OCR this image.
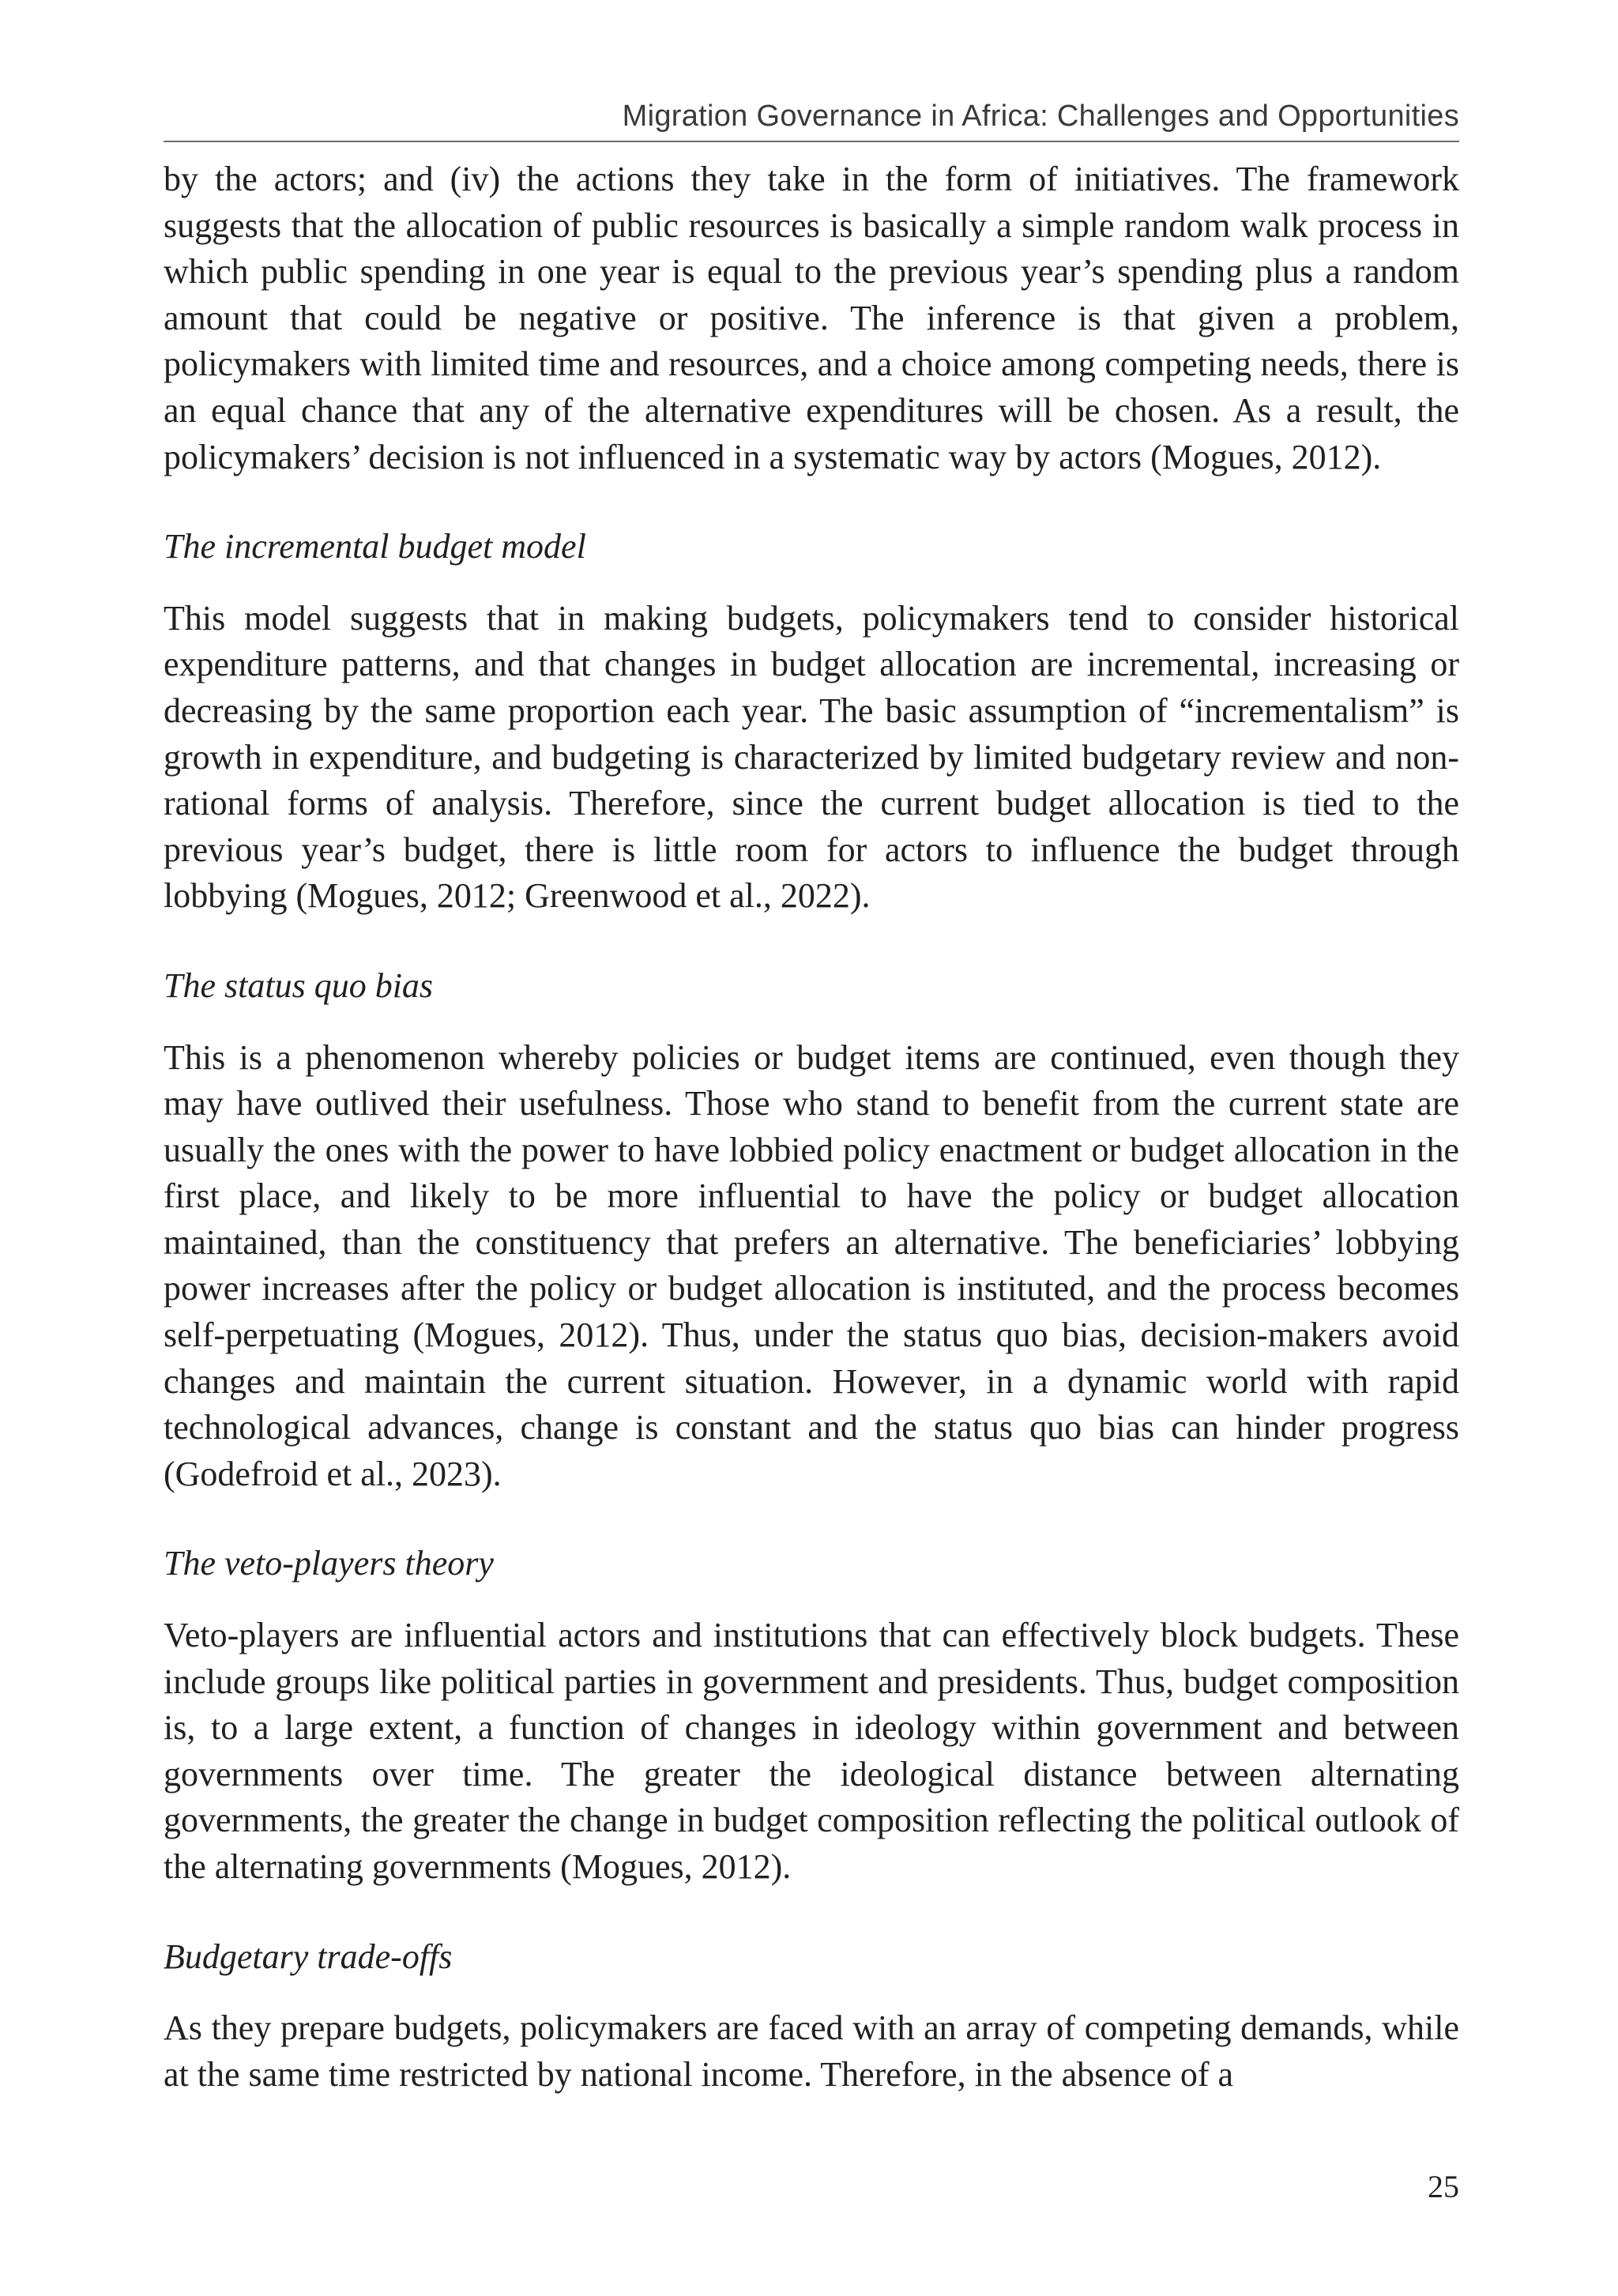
Migration Governance in Africa: Challenges and Opportunities

by the actors; and (iv) the actions they take in the form of initiatives. The framework suggests that the allocation of public resources is basically a simple random walk process in which public spending in one year is equal to the previous year’s spending plus a random amount that could be negative or positive. The inference is that given a problem, policymakers with limited time and resources, and a choice among competing needs, there is an equal chance that any of the alternative expenditures will be chosen. As a result, the policymakers’ decision is not influenced in a systematic way by actors (Mogues, 2012).

The incremental budget model

This model suggests that in making budgets, policymakers tend to consider historical expenditure patterns, and that changes in budget allocation are incremental, increasing or decreasing by the same proportion each year. The basic assumption of “incrementalism” is growth in expenditure, and budgeting is characterized by limited budgetary review and non-rational forms of analysis. Therefore, since the current budget allocation is tied to the previous year’s budget, there is little room for actors to influence the budget through lobbying (Mogues, 2012; Greenwood et al., 2022).

The status quo bias

This is a phenomenon whereby policies or budget items are continued, even though they may have outlived their usefulness. Those who stand to benefit from the current state are usually the ones with the power to have lobbied policy enactment or budget allocation in the first place, and likely to be more influential to have the policy or budget allocation maintained, than the constituency that prefers an alternative. The beneficiaries’ lobbying power increases after the policy or budget allocation is instituted, and the process becomes self-perpetuating (Mogues, 2012). Thus, under the status quo bias, decision-makers avoid changes and maintain the current situation. However, in a dynamic world with rapid technological advances, change is constant and the status quo bias can hinder progress (Godefroid et al., 2023).

The veto-players theory

Veto-players are influential actors and institutions that can effectively block budgets. These include groups like political parties in government and presidents. Thus, budget composition is, to a large extent, a function of changes in ideology within government and between governments over time. The greater the ideological distance between alternating governments, the greater the change in budget composition reflecting the political outlook of the alternating governments (Mogues, 2012).

Budgetary trade-offs

As they prepare budgets, policymakers are faced with an array of competing demands, while at the same time restricted by national income. Therefore, in the absence of a

25
